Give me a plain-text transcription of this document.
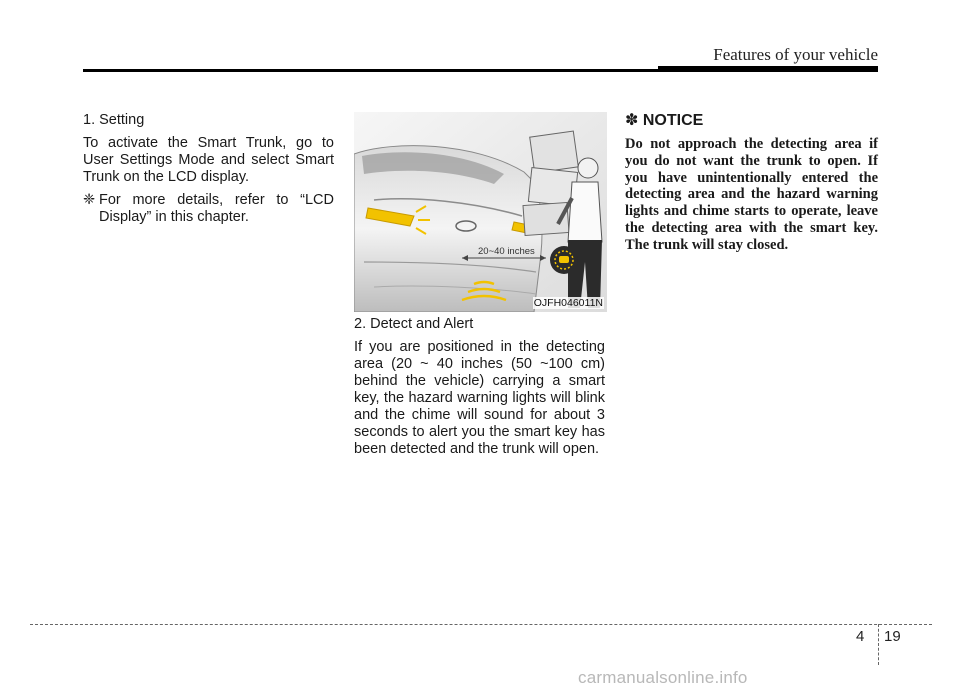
Features of your vehicle

1. Setting

To activate the Smart Trunk, go to User Settings Mode and select Smart Trunk on the LCD display.

❈ For more details, refer to “LCD Display” in this chapter.
20~40 inches
OJFH046011N

2. Detect and Alert

If you are positioned in the detecting area (20 ~ 40 inches (50 ~100 cm) behind the vehicle) carrying a smart key, the hazard warning lights will blink and the chime will sound for about 3 seconds to alert you the smart key has been detected and the trunk will open.

✽ NOTICE

Do not approach the detecting area if you do not want the trunk to open. If you have unintentionally entered the detecting area and the hazard warning lights and chime starts to operate, leave the detecting area with the smart key. The trunk will stay closed.

4 19
carmanualsonline.info
